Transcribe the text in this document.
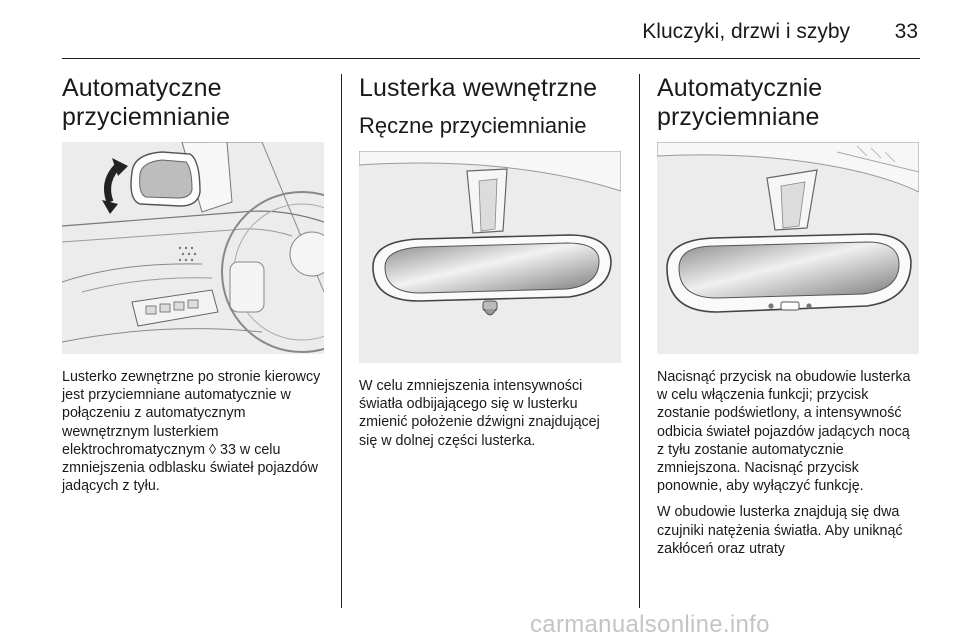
Kluczyki, drzwi i szyby 33
Automatyczne przyciemnianie

Lusterko zewnętrzne po stronie kierowcy jest przyciemniane automatycznie w połączeniu z automatycznym wewnętrznym lusterkiem elektrochromatycznym ◊ 33 w celu zmniejszenia odblasku świateł pojazdów jadących z tyłu.

Lusterka wewnętrzne
Ręczne przyciemnianie

W celu zmniejszenia intensywności światła odbijającego się w lusterku zmienić położenie dźwigni znajdującej się w dolnej części lusterka.

Automatycznie przyciemniane

Nacisnąć przycisk na obudowie lusterka w celu włączenia funkcji; przycisk zostanie podświetlony, a intensywność odbicia świateł pojazdów jadących nocą z tyłu zostanie automatycznie zmniejszona. Nacisnąć przycisk ponownie, aby wyłączyć funkcję.

W obudowie lusterka znajdują się dwa czujniki natężenia światła. Aby uniknąć zakłóceń oraz utraty

carmanualsonline.info
